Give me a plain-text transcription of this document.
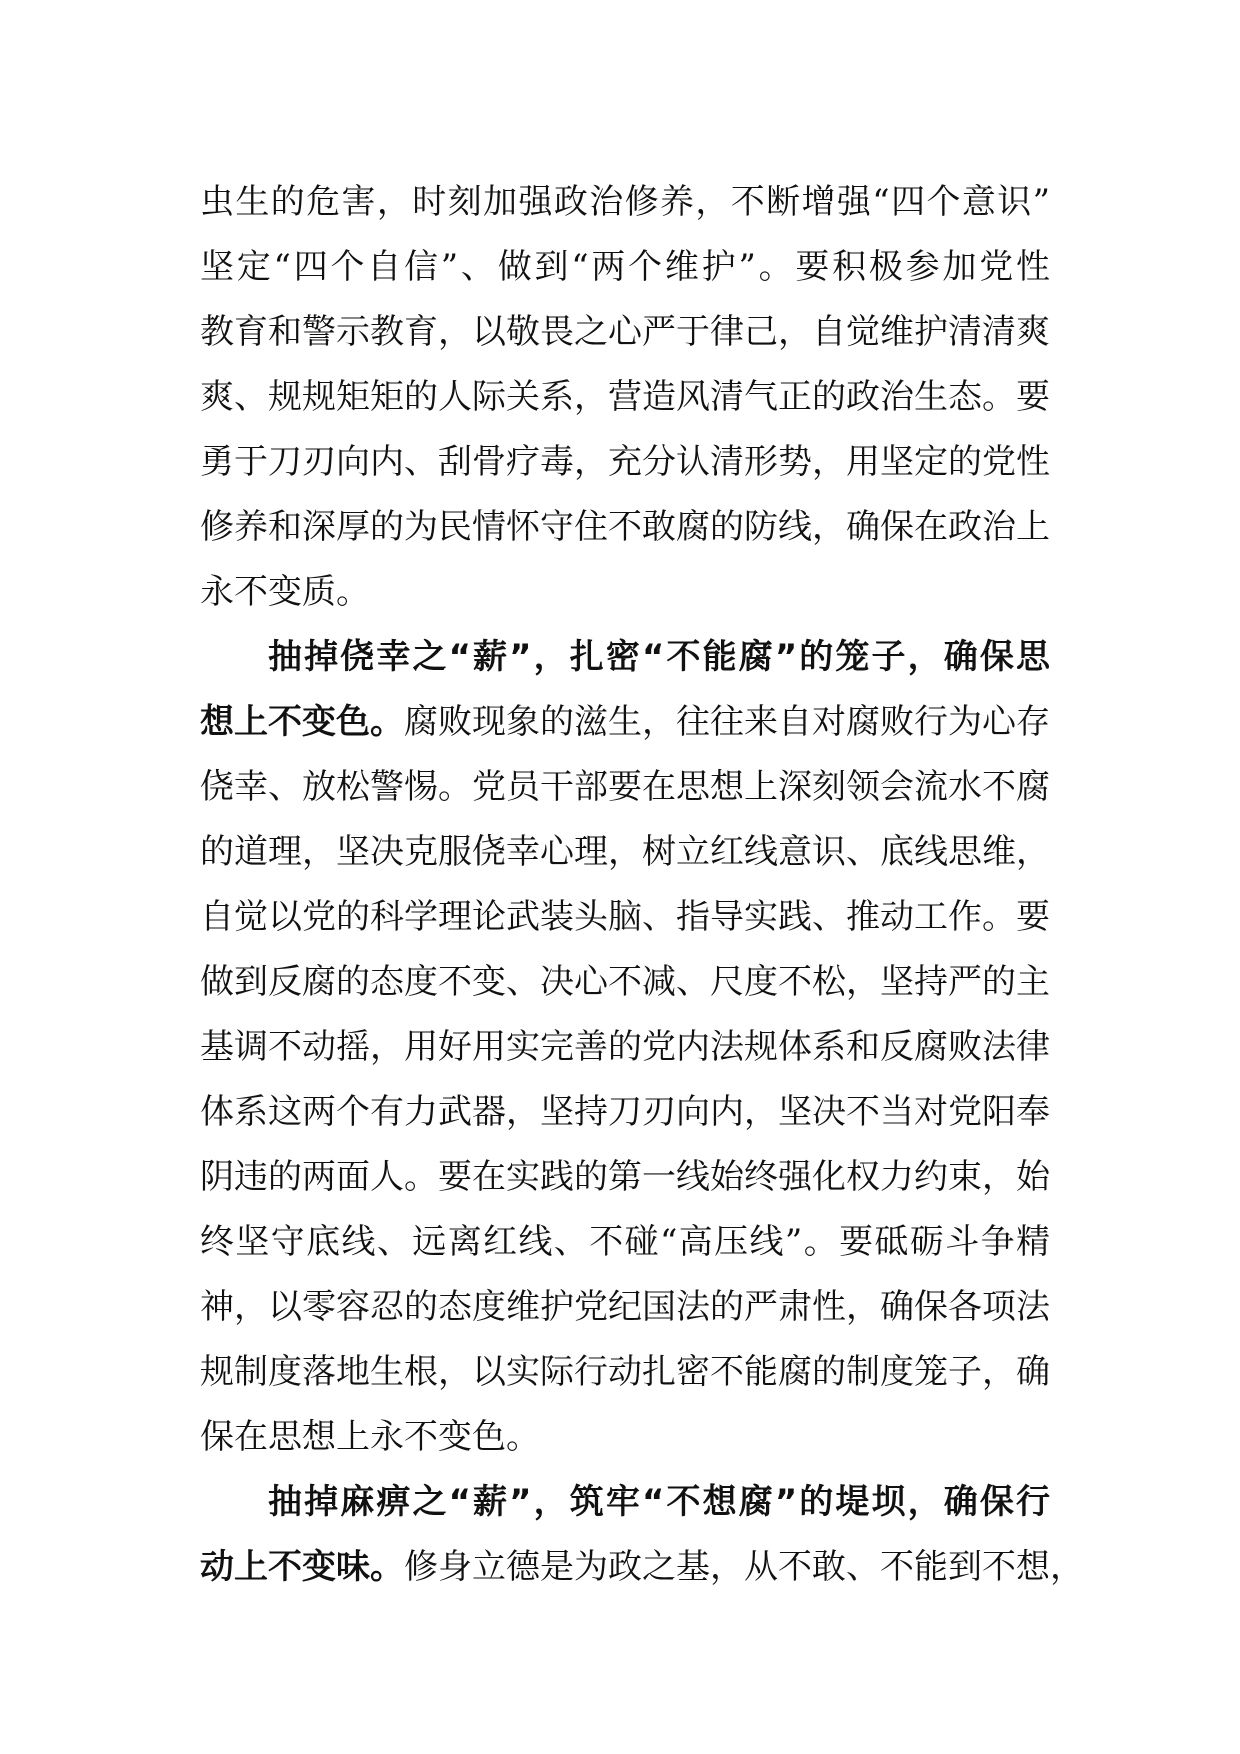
虫生的危害，时刻加强政治修养，不断增强“四个意识”
坚定“四个自信”、做到“两个维护”。要积极参加党性
教育和警示教育，以敬畏之心严于律己，自觉维护清清爽
爽、规规矩矩的人际关系，营造风清气正的政治生态。要
勇于刀刃向内、刮骨疗毒，充分认清形势，用坚定的党性
修养和深厚的为民情怀守住不敢腐的防线，确保在政治上
永不变质。
抽掉侥幸之“薪”，扎密“不能腐”的笼子，确保思
想上不变色。腐败现象的滋生，往往来自对腐败行为心存
侥幸、放松警惕。党员干部要在思想上深刻领会流水不腐
的道理，坚决克服侥幸心理，树立红线意识、底线思维，
自觉以党的科学理论武装头脑、指导实践、推动工作。要
做到反腐的态度不变、决心不减、尺度不松，坚持严的主
基调不动摇，用好用实完善的党内法规体系和反腐败法律
体系这两个有力武器，坚持刀刃向内，坚决不当对党阳奉
阴违的两面人。要在实践的第一线始终强化权力约束，始
终坚守底线、远离红线、不碰“高压线”。要砥砺斗争精
神，以零容忍的态度维护党纪国法的严肃性，确保各项法
规制度落地生根，以实际行动扎密不能腐的制度笼子，确
保在思想上永不变色。
抽掉麻痹之“薪”，筑牢“不想腐”的堤坝，确保行
动上不变味。修身立德是为政之基，从不敢、不能到不想，
